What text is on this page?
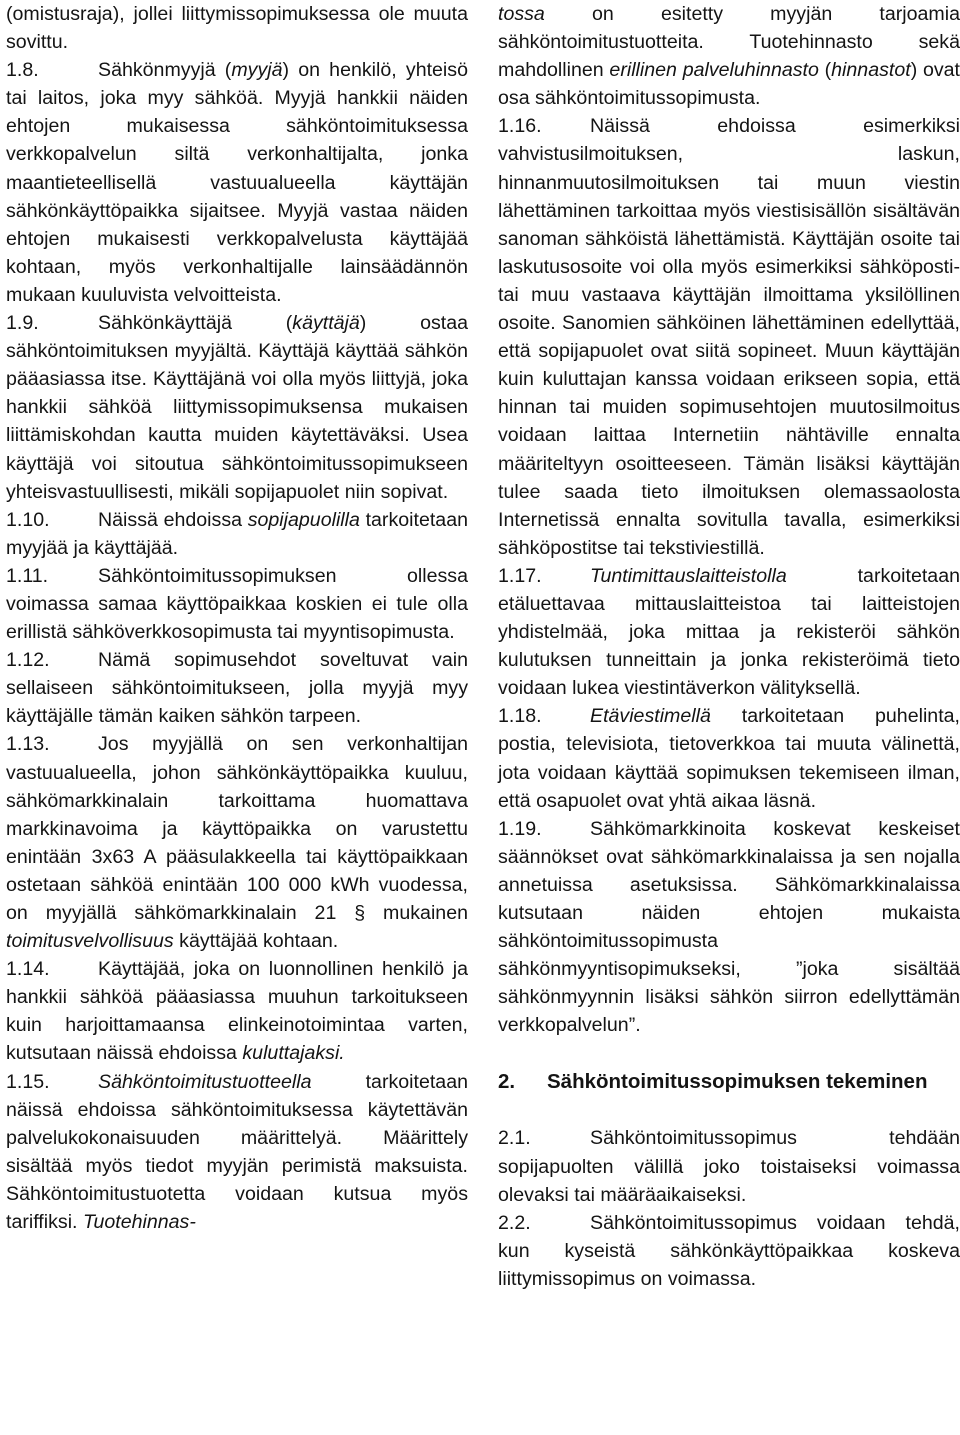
(omistusraja), jollei liittymissopimuksessa ole muuta sovittu.

1.8.	Sähkönmyyjä (myyjä) on henkilö, yhteisö tai laitos, joka myy sähköä. Myyjä hankkii näiden ehtojen mukaisessa sähköntoimituksessa verkkopalvelun siltä verkonhaltijalta, jonka maantieteellisellä vastuualueella käyttäjän sähkönkäyttöpaikka sijaitsee. Myyjä vastaa näiden ehtojen mukaisesti verkkopalvelusta käyttäjää kohtaan, myös verkonhaltijalle lainsäädännön mukaan kuuluvista velvoitteista.

1.9.	Sähkönkäyttäjä (käyttäjä) ostaa sähköntoimituksen myyjältä. Käyttäjä käyttää sähkön pääasiassa itse. Käyttäjänä voi olla myös liittyjä, joka hankkii sähköä liittymissopimuksensa mukaisen liittämiskohdan kautta muiden käytettäväksi. Usea käyttäjä voi sitoutua sähköntoimitussopimukseen yhteisvastuullisesti, mikäli sopijapuolet niin sopivat.

1.10. Näissä ehdoissa sopijapuolilla tarkoitetaan myyjää ja käyttäjää.

1.11.	Sähköntoimitussopimuksen ollessa voimassa samaa käyttöpaikkaa koskien ei tule olla erillistä sähköverkkosopimusta tai myyntisopimusta.

1.12. Nämä sopimusehdot soveltuvat vain sellaiseen sähköntoimitukseen, jolla myyjä myy käyttäjälle tämän kaiken sähkön tarpeen.

1.13. Jos myyjällä on sen verkonhaltijan vastuualueella, johon sähkönkäyttöpaikka kuuluu, sähkömarkkinalain tarkoittama huomattava markkinavoima ja käyttöpaikka on varustettu enintään 3x63 A pääsulakkeella tai käyttöpaikkaan ostetaan sähköä enintään 100 000 kWh vuodessa, on myyjällä sähkömarkkinalain 21 § mukainen toimitusvelvollisuus käyttäjää kohtaan.

1.14. Käyttäjää, joka on luonnollinen henkilö ja hankkii sähköä pääasiassa muuhun tarkoitukseen kuin harjoittamaansa elinkeinotoimintaa varten, kutsutaan näissä ehdoissa kuluttajaksi.

1.15. Sähköntoimitustuotteella tarkoitetaan näissä ehdoissa sähköntoimituksessa käytettävän palvelukokonaisuuden määrittelyä. Määrittely sisältää myös tiedot myyjän perimistä maksuista. Sähköntoimitustuotetta voidaan kutsua myös tariffiksi. Tuotehinnas-

tossa on esitetty myyjän tarjoamia sähköntoimitustuotteita. Tuotehinnasto sekä mahdollinen erillinen palveluhinnasto (hinnastot) ovat osa sähköntoimitussopimusta.

1.16. Näissä ehdoissa esimerkiksi vahvistusilmoituksen, laskun, hinnanmuutosilmoituksen tai muun viestin lähettäminen tarkoittaa myös viestisisällön sisältävän sanoman sähköistä lähettämistä. Käyttäjän osoite tai laskutusosoite voi olla myös esimerkiksi sähköposti- tai muu vastaava käyttäjän ilmoittama yksilöllinen osoite. Sanomien sähköinen lähettäminen edellyttää, että sopijapuolet ovat siitä sopineet. Muun käyttäjän kuin kuluttajan kanssa voidaan erikseen sopia, että hinnan tai muiden sopimusehtojen muutosilmoitus voidaan laittaa Internetiin nähtäville ennalta määriteltyyn osoitteeseen. Tämän lisäksi käyttäjän tulee saada tieto ilmoituksen olemassaolosta Internetissä ennalta sovitulla tavalla, esimerkiksi sähköpostitse tai tekstiviestillä.

1.17. Tuntimittauslaitteistolla tarkoitetaan etäluettavaa mittauslaitteistoa tai laitteistojen yhdistelmää, joka mittaa ja rekisteröi sähkön kulutuksen tunneittain ja jonka rekisteröimä tieto voidaan lukea viestintäverkon välityksellä.

1.18. Etäviestimellä tarkoitetaan puhelinta, postia, televisiota, tietoverkkoa tai muuta välinettä, jota voidaan käyttää sopimuksen tekemiseen ilman, että osapuolet ovat yhtä aikaa läsnä.

1.19. Sähkömarkkinoita koskevat keskeiset säännökset ovat sähkömarkkinalaissa ja sen nojalla annetuissa asetuksissa. Sähkömarkkinalaissa kutsutaan näiden ehtojen mukaista sähköntoimitussopimusta sähkönmyyntisopimukseksi, ”joka sisältää sähkönmyynnin lisäksi sähkön siirron edellyttämän verkkopalvelun”.

2.	Sähköntoimitussopimuksen tekeminen

2.1.	Sähköntoimitussopimus tehdään sopijapuolten välillä joko toistaiseksi voimassa olevaksi tai määräaikaiseksi.

2.2.	Sähköntoimitussopimus voidaan tehdä, kun kyseistä sähkönkäyttöpaikkaa koskeva liittymissopimus on voimassa.
